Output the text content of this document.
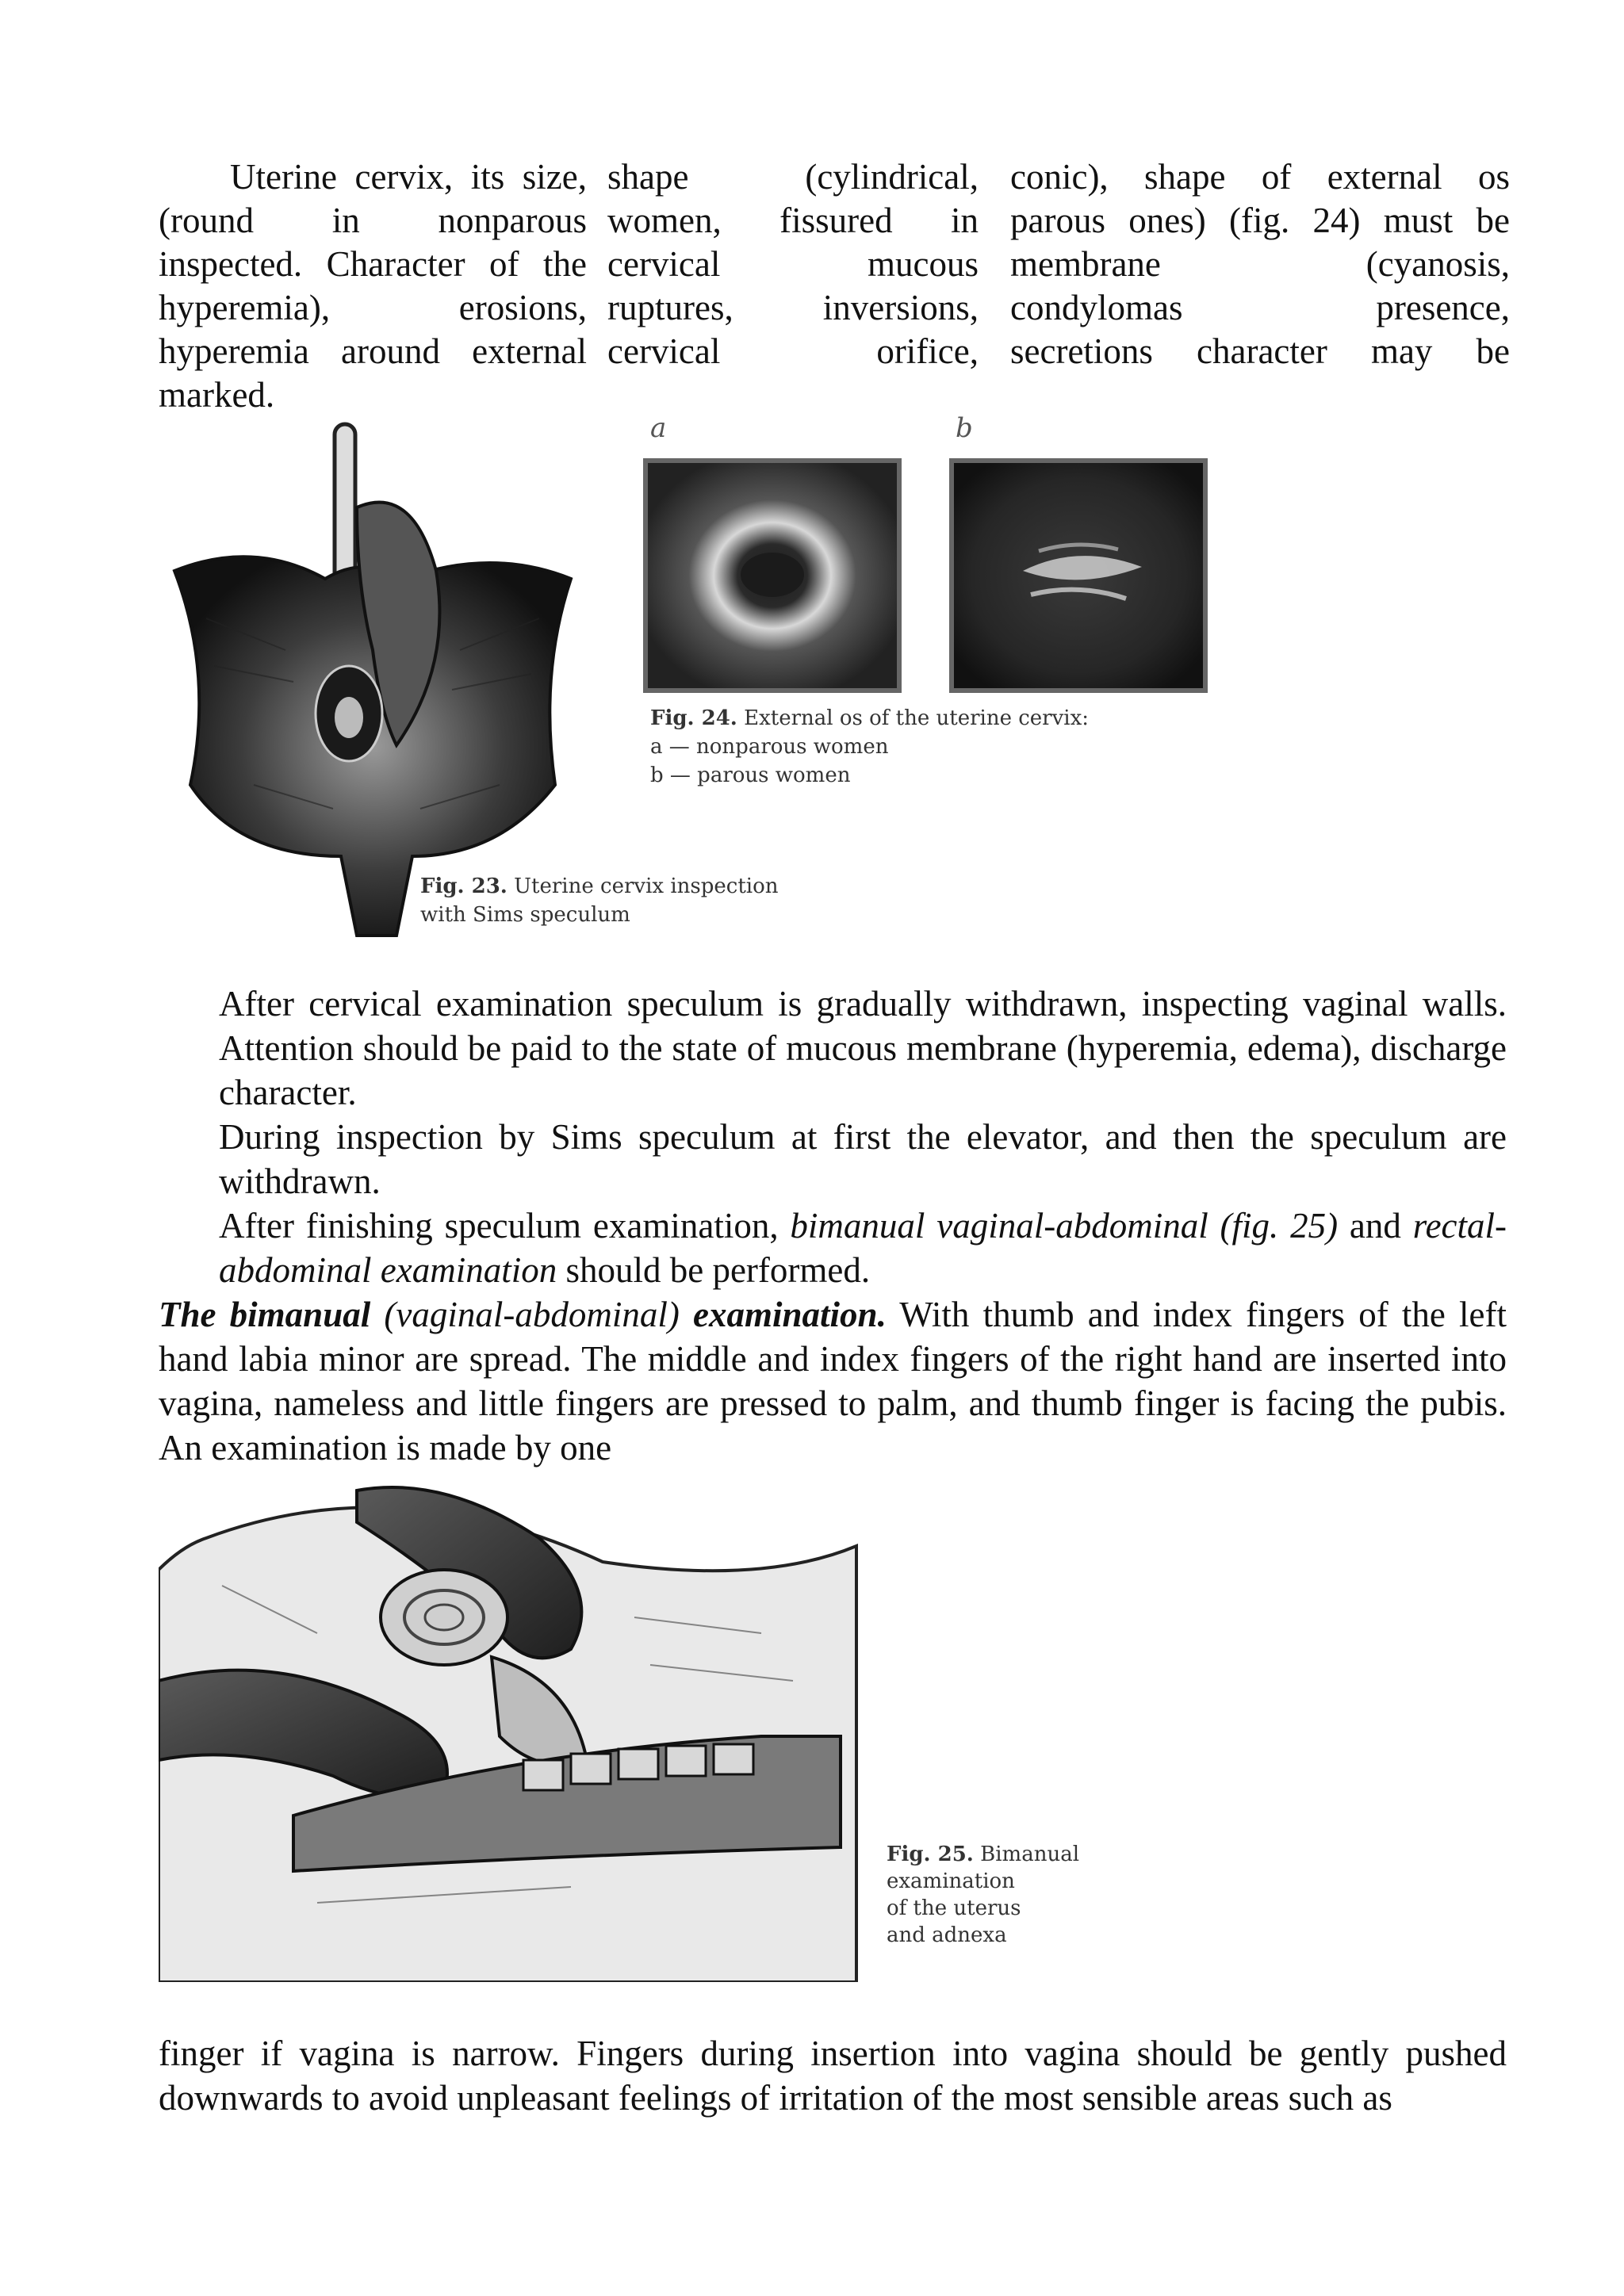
Uterine cervix, its size,
(round in nonparous
inspected. Character of the
hyperemia), erosions,
hyperemia around external
marked.
shape (cylindrical,
women, fissured in
cervical mucous
ruptures, inversions,
cervical orifice,
conic), shape of external os
parous ones) (fig. 24) must be
membrane (cyanosis,
condylomas presence,
secretions character may be
Fig. 23. Uterine cervix inspection
with Sims speculum
a	b
Fig. 24. External os of the uterine cervix:
a — nonparous women
b — parous women
After cervical examination speculum is gradually withdrawn, inspecting vaginal walls. Attention should be paid to the state of mucous membrane (hyperemia, edema), discharge character.
During inspection by Sims speculum at first the elevator, and then the speculum are withdrawn.
After finishing speculum examination, bimanual vaginal-abdominal (fig. 25) and rectal-abdominal examination should be performed.
The bimanual (vaginal-abdominal) examination. With thumb and index fingers of the left hand labia minor are spread. The middle and index fingers of the right hand are inserted into vagina, nameless and little fingers are pressed to palm, and thumb finger is facing the pubis. An examination is made by one
Fig. 25. Bimanual
examination
of the uterus
and adnexa
finger if vagina is narrow. Fingers during insertion into vagina should be gently pushed downwards to avoid unpleasant feelings of irritation of the most sensible areas such as
